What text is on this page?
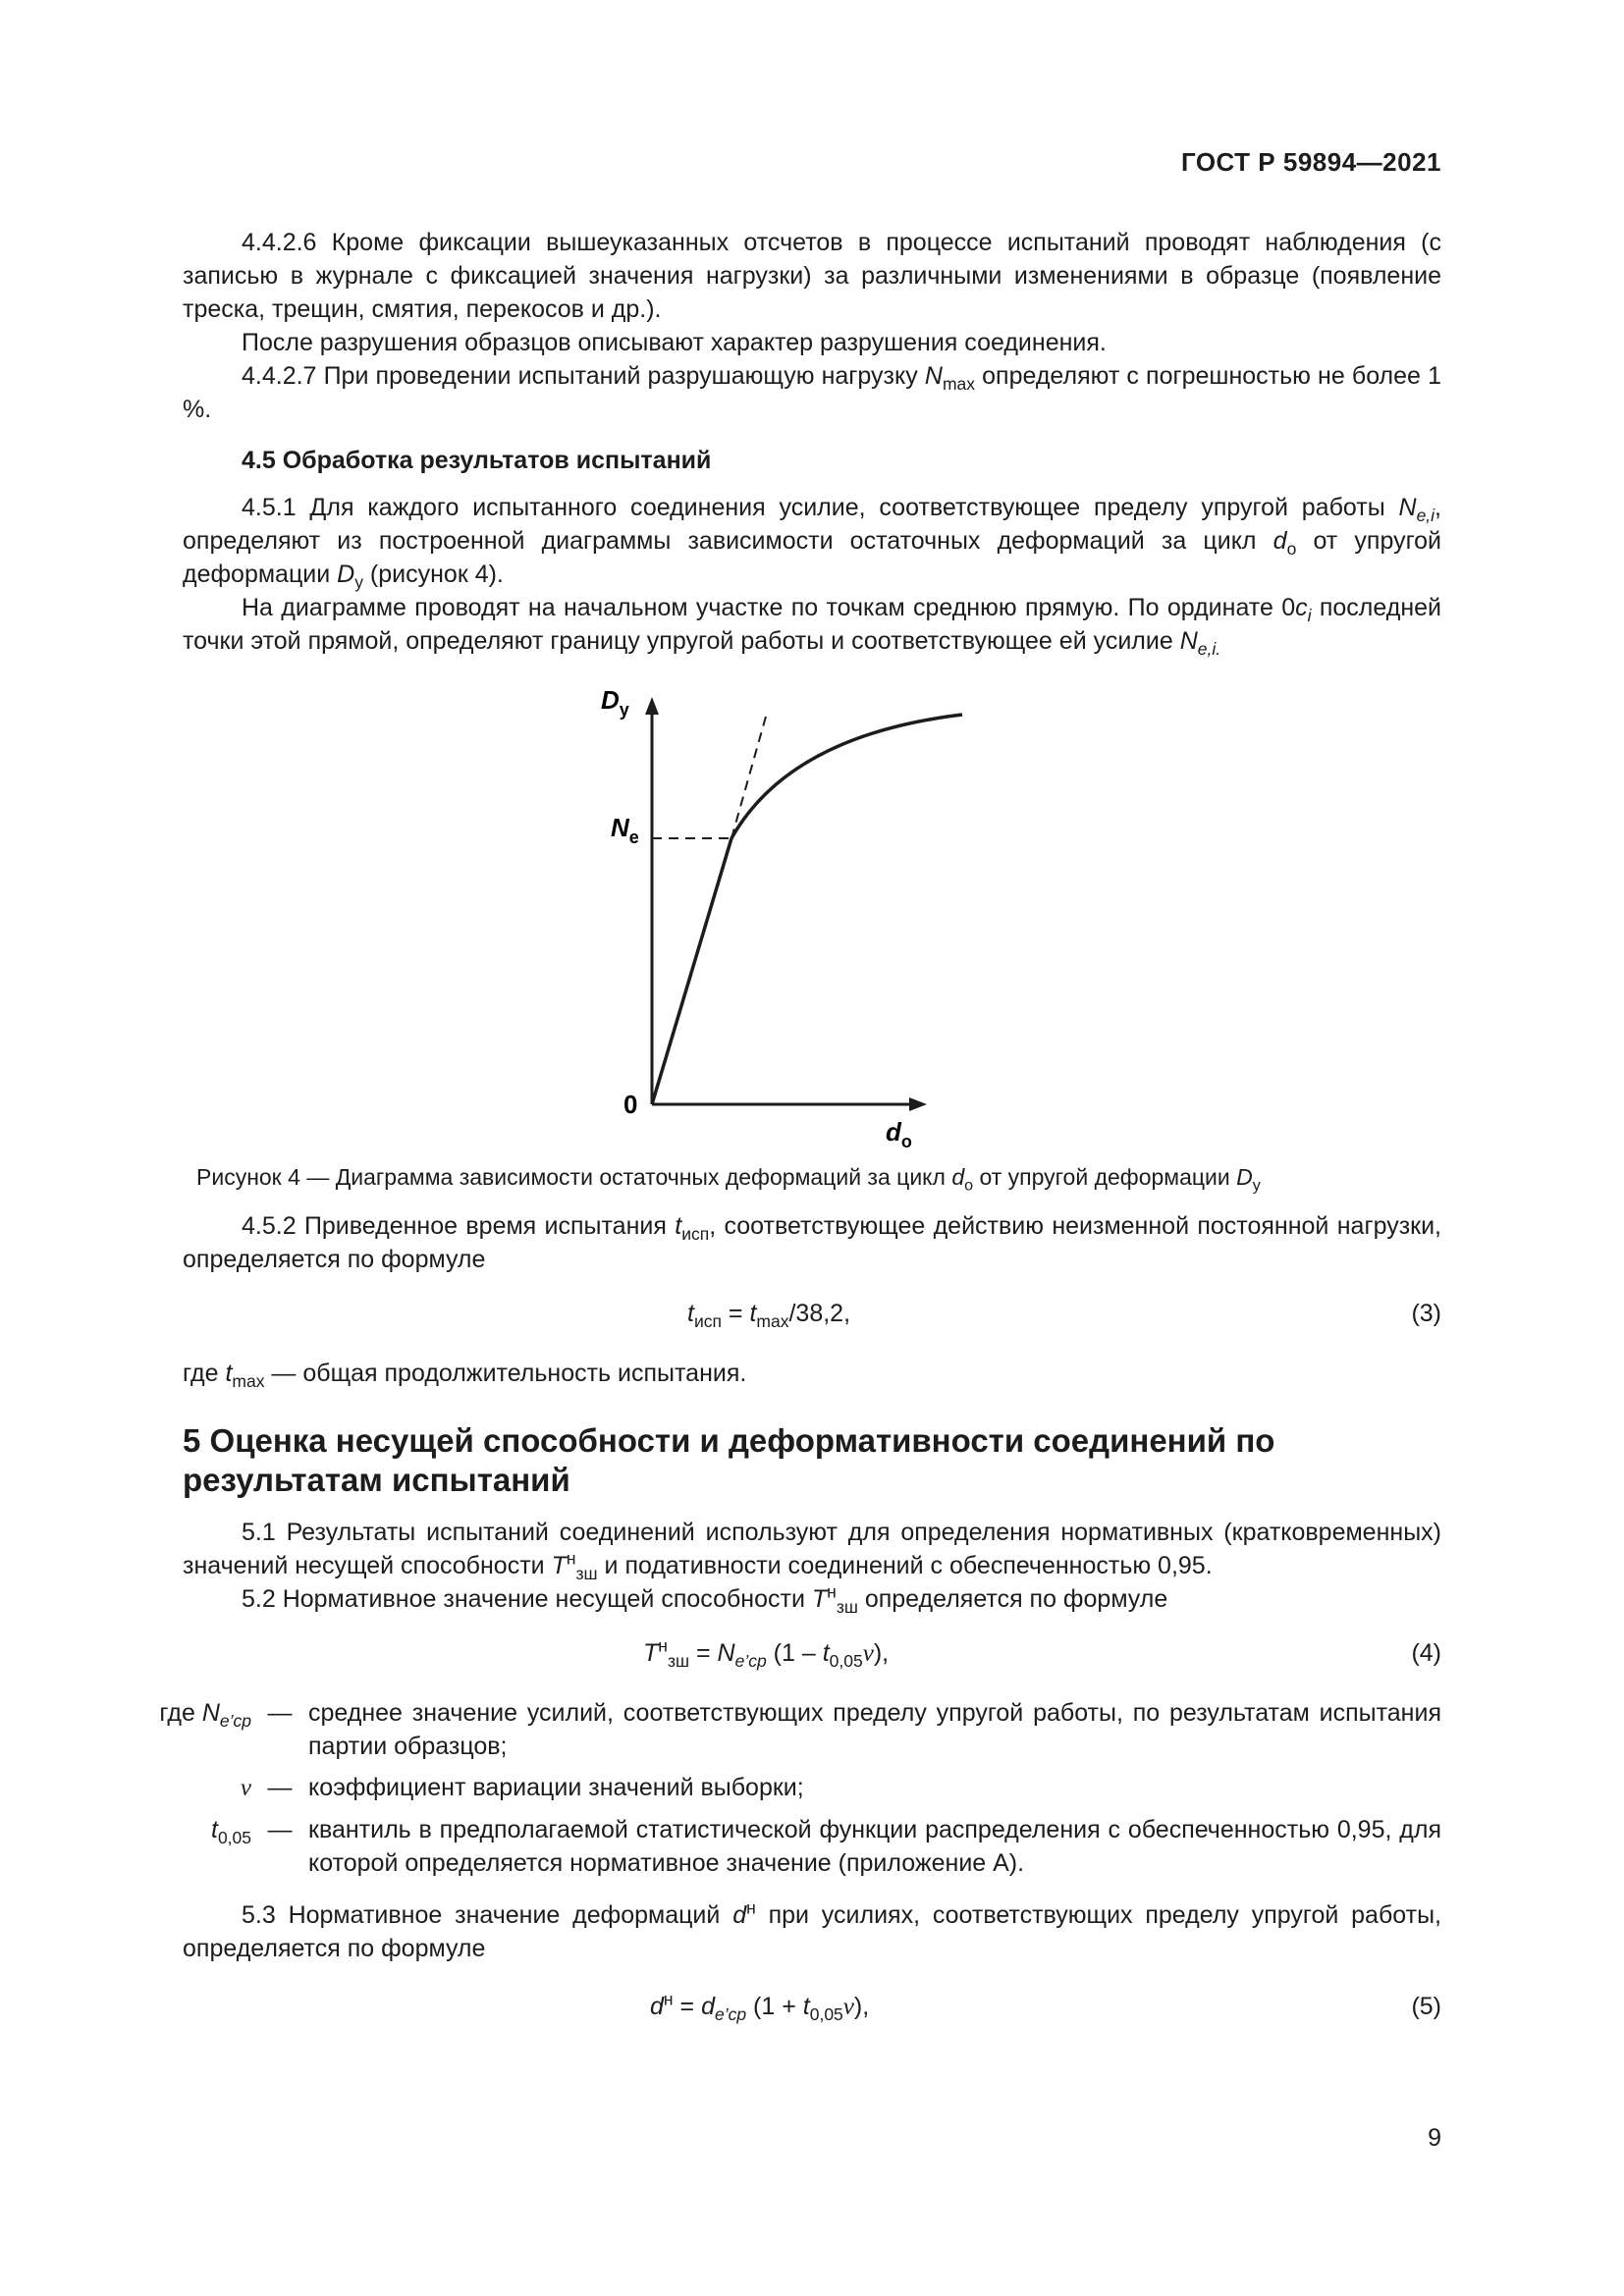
ГОСТ Р 59894—2021

4.4.2.6 Кроме фиксации вышеуказанных отсчетов в процессе испытаний проводят наблюдения (с записью в журнале с фиксацией значения нагрузки) за различными изменениями в образце (появление треска, трещин, смятия, перекосов и др.).

После разрушения образцов описывают характер разрушения соединения.

4.4.2.7 При проведении испытаний разрушающую нагрузку $N_{max}$ определяют с погрешностью не более 1 %.

4.5 Обработка результатов испытаний

4.5.1 Для каждого испытанного соединения усилие, соответствующее пределу упругой работы $N_{e,i}$, определяют из построенной диаграммы зависимости остаточных деформаций за цикл $d_o$ от упругой деформации $D_y$ (рисунок 4).

На диаграмме проводят на начальном участке по точкам среднюю прямую. По ординате $0c_i$ последней точки этой прямой, определяют границу упругой работы и соответствующее ей усилие $N_{e,i.}$

$D_y$
$N_e$
0
$d_o$
Рисунок 4 — Диаграмма зависимости остаточных деформаций за цикл $d_o$ от упругой деформации $D_y$

4.5.2 Приведенное время испытания $t_{исп}$, соответствующее действию неизменной постоянной нагрузки, определяется по формуле

$t_{исп} = t_{max}/38,2$,	(3)

где $t_{max}$ — общая продолжительность испытания.

5 Оценка несущей способности и деформативности соединений по результатам испытаний

5.1 Результаты испытаний соединений используют для определения нормативных (кратковременных) значений несущей способности $T^н_{зш}$ и подативности соединений с обеспеченностью 0,95.

5.2 Нормативное значение несущей способности $T^н_{зш}$ определяется по формуле

$T^н_{зш} = N_{e’ср}$ $(1 - t_{0,05}\nu)$,	(4)
где $N_{e’ср}$ — среднее значение усилий, соответствующих пределу упругой работы, по результатам испытания партии образцов;
ν — коэффициент вариации значений выборки;
$t_{0,05}$ — квантиль в предполагаемой статистической функции распределения с обеспеченностью 0,95, для которой определяется нормативное значение (приложение А).

5.3 Нормативное значение деформаций $d^н$ при усилиях, соответствующих пределу упругой работы, определяется по формуле

$d^н = d_{e’ср}$ $(1 + t_{0,05}\nu)$,	(5)
9
